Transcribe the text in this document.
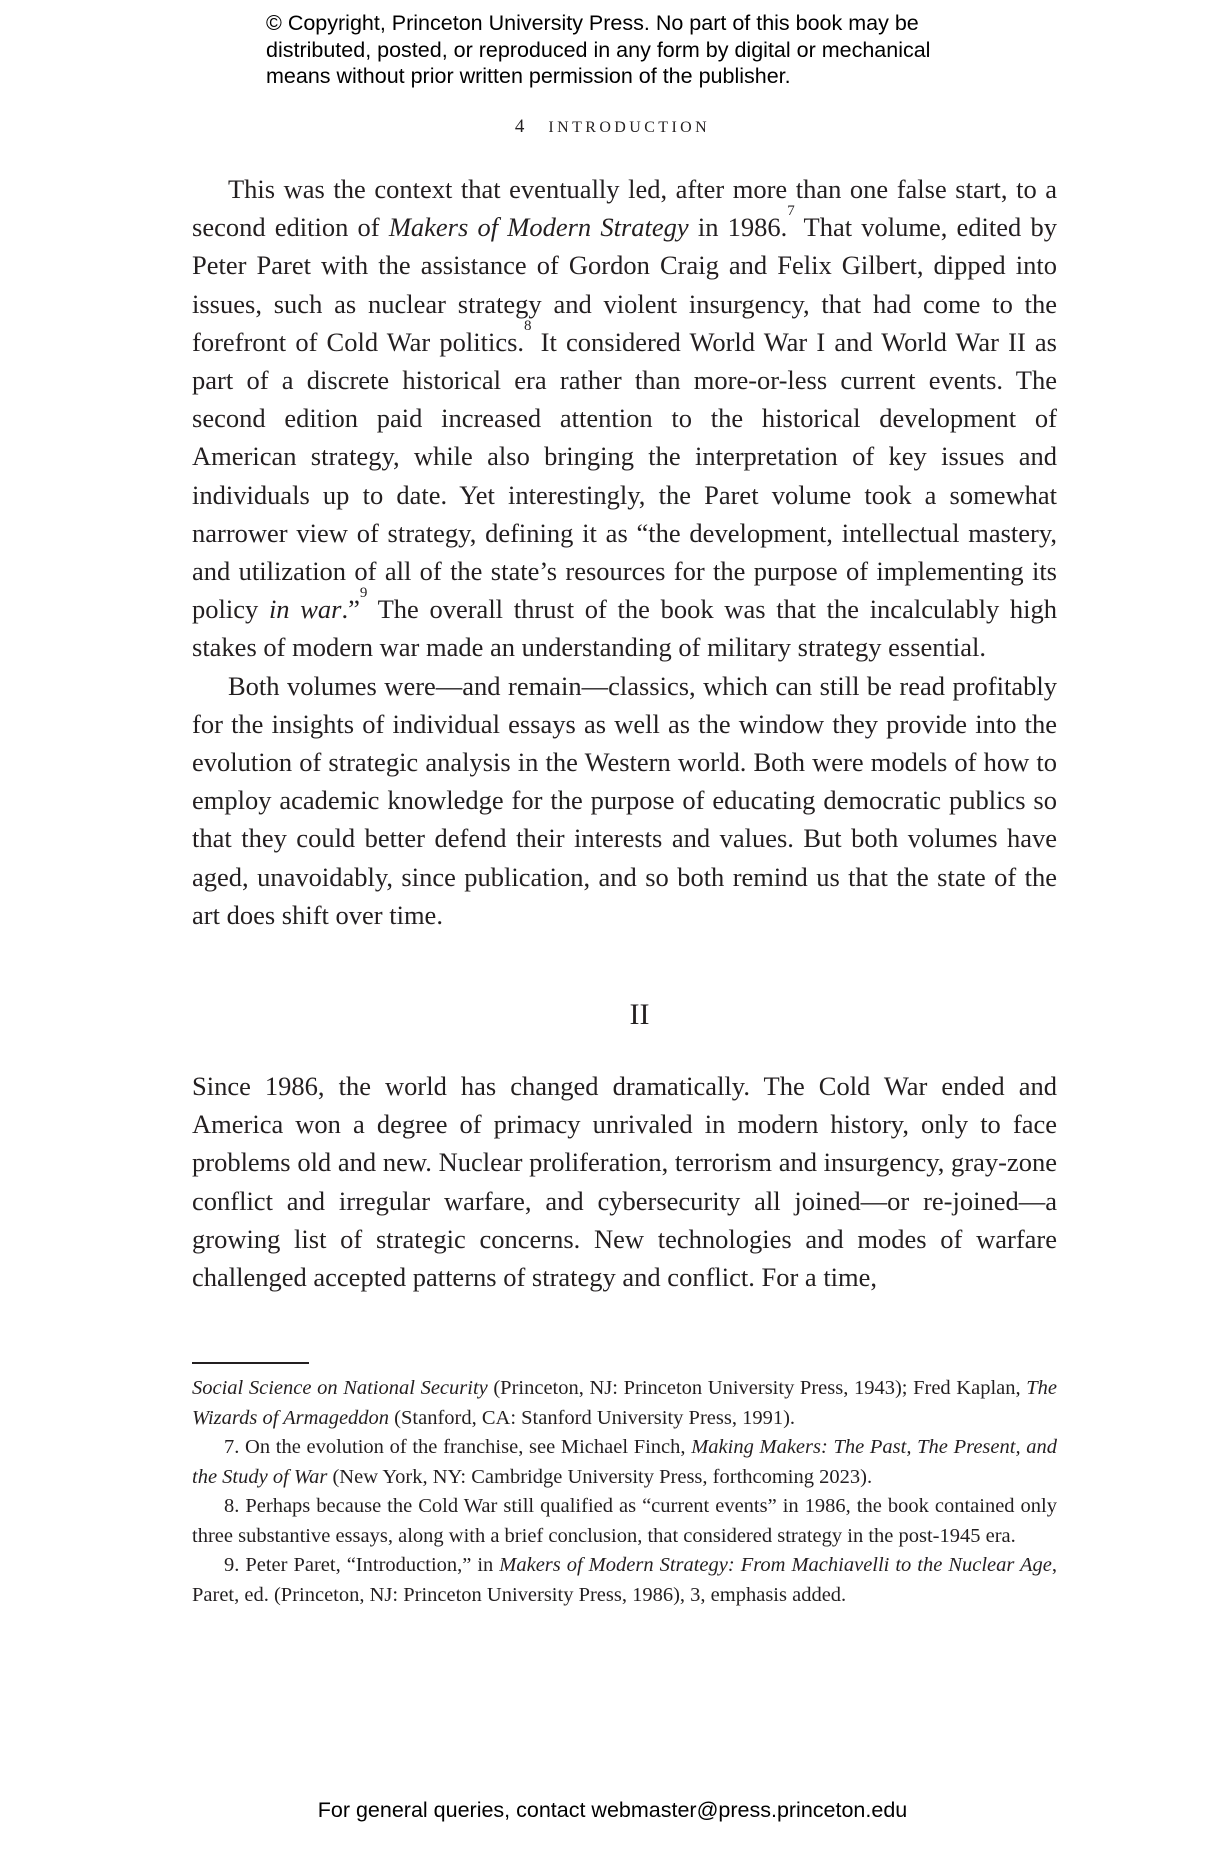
© Copyright, Princeton University Press. No part of this book may be
distributed, posted, or reproduced in any form by digital or mechanical
means without prior written permission of the publisher.
4 INTRODUCTION

This was the context that eventually led, after more than one false start, to a second edition of Makers of Modern Strategy in 1986.$^7$ That volume, edited by Peter Paret with the assistance of Gordon Craig and Felix Gilbert, dipped into issues, such as nuclear strategy and violent insurgency, that had come to the forefront of Cold War politics.$^8$ It considered World War I and World War II as part of a discrete historical era rather than more-or-less current events. The second edition paid increased attention to the historical development of American strategy, while also bringing the interpretation of key issues and individuals up to date. Yet interestingly, the Paret volume took a somewhat narrower view of strategy, defining it as “the development, intellectual mastery, and utilization of all of the state’s resources for the purpose of implementing its policy in war.”$^9$ The overall thrust of the book was that the incalculably high stakes of modern war made an understanding of military strategy essential.

Both volumes were—and remain—classics, which can still be read profitably for the insights of individual essays as well as the window they provide into the evolution of strategic analysis in the Western world. Both were models of how to employ academic knowledge for the purpose of educating democratic publics so that they could better defend their interests and values. But both volumes have aged, unavoidably, since publication, and so both remind us that the state of the art does shift over time.

II

Since 1986, the world has changed dramatically. The Cold War ended and America won a degree of primacy unrivaled in modern history, only to face problems old and new. Nuclear proliferation, terrorism and insurgency, gray-zone conflict and irregular warfare, and cybersecurity all joined—or re-joined—a growing list of strategic concerns. New technologies and modes of warfare challenged accepted patterns of strategy and conflict. For a time,

Social Science on National Security (Princeton, NJ: Princeton University Press, 1943); Fred Kaplan, The Wizards of Armageddon (Stanford, CA: Stanford University Press, 1991).

7. On the evolution of the franchise, see Michael Finch, Making Makers: The Past, The Present, and the Study of War (New York, NY: Cambridge University Press, forthcoming 2023).

8. Perhaps because the Cold War still qualified as “current events” in 1986, the book contained only three substantive essays, along with a brief conclusion, that considered strategy in the post-1945 era.

9. Peter Paret, “Introduction,” in Makers of Modern Strategy: From Machiavelli to the Nuclear Age, Paret, ed. (Princeton, NJ: Princeton University Press, 1986), 3, emphasis added.

For general queries, contact webmaster@press.princeton.edu
